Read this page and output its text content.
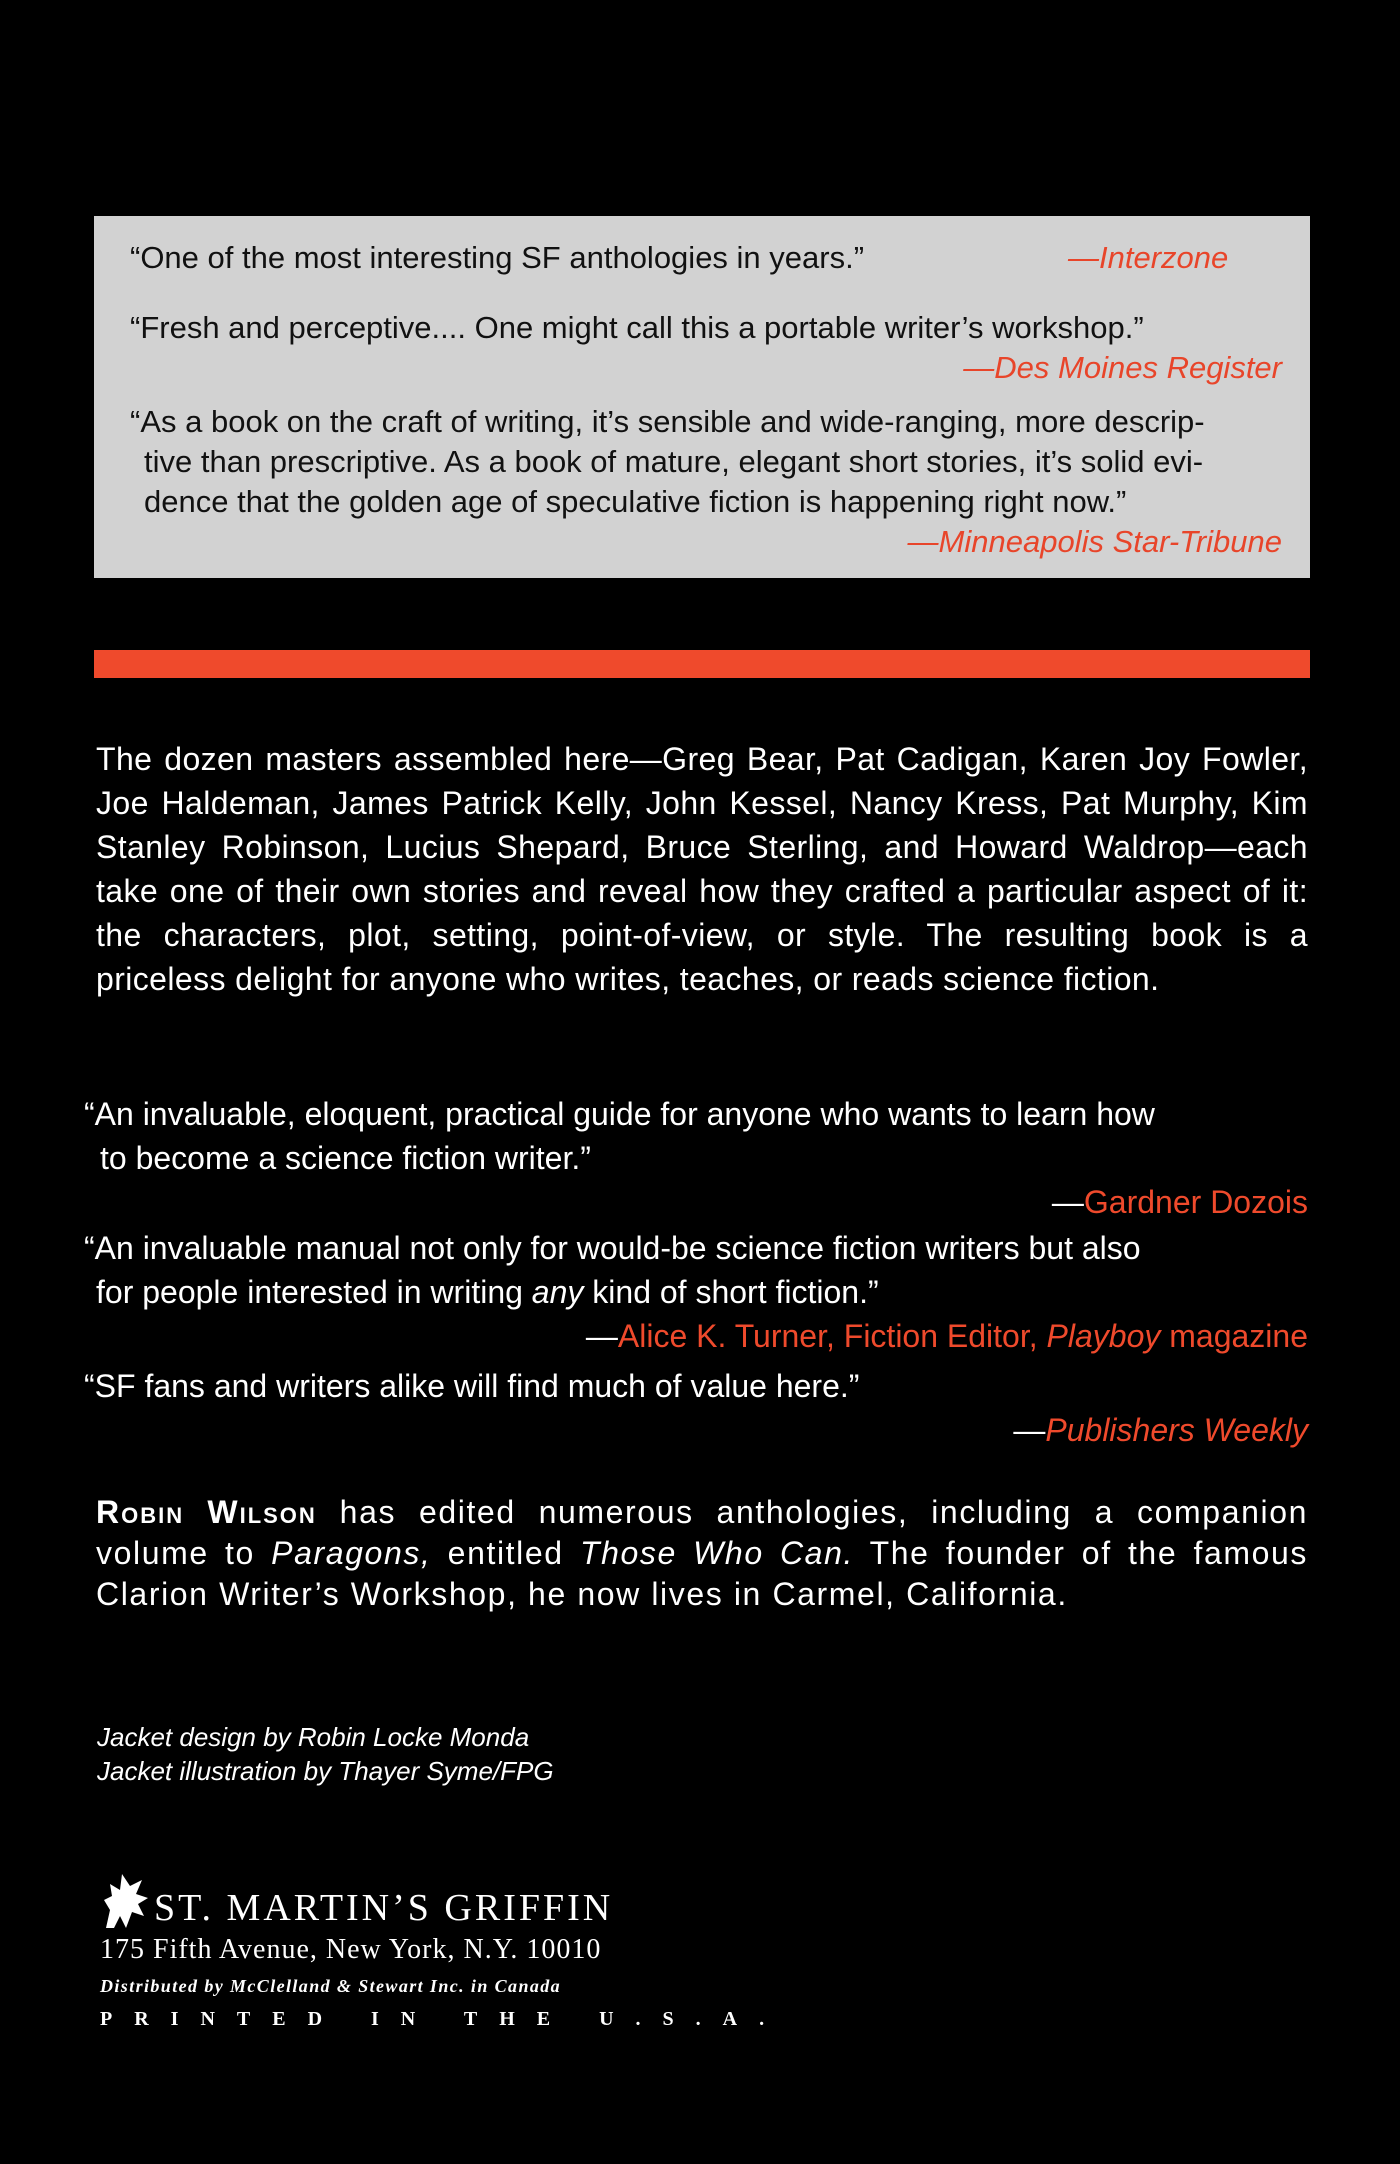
“One of the most interesting SF anthologies in years.”	—Interzone
“Fresh and perceptive.... One might call this a portable writer’s workshop.”
—Des Moines Register
“As a book on the craft of writing, it’s sensible and wide-ranging, more descrip-
tive than prescriptive. As a book of mature, elegant short stories, it’s solid evi-
dence that the golden age of speculative fiction is happening right now.”
—Minneapolis Star-Tribune
The dozen masters assembled here—Greg Bear, Pat Cadigan, Karen Joy Fowler, Joe Haldeman, James Patrick Kelly, John Kessel, Nancy Kress, Pat Murphy, Kim Stanley Robinson, Lucius Shepard, Bruce Sterling, and Howard Waldrop—each take one of their own stories and reveal how they crafted a particular aspect of it: the characters, plot, setting, point-of-view, or style. The resulting book is a priceless delight for anyone who writes, teaches, or reads science fiction.
“An invaluable, eloquent, practical guide for anyone who wants to learn how
to become a science fiction writer.”
—Gardner Dozois
“An invaluable manual not only for would-be science fiction writers but also
for people interested in writing any kind of short fiction.”
—Alice K. Turner, Fiction Editor, Playboy magazine
“SF fans and writers alike will find much of value here.”
—Publishers Weekly
Robin Wilson has edited numerous anthologies, including a companion volume to Paragons, entitled Those Who Can. The founder of the famous Clarion Writer’s Workshop, he now lives in Carmel, California.
Jacket design by Robin Locke Monda
Jacket illustration by Thayer Syme/FPG
ST. MARTIN’S GRIFFIN
175 Fifth Avenue, New York, N.Y. 10010
Distributed by McClelland & Stewart Inc. in Canada
PRINTED IN THE U.S.A.
